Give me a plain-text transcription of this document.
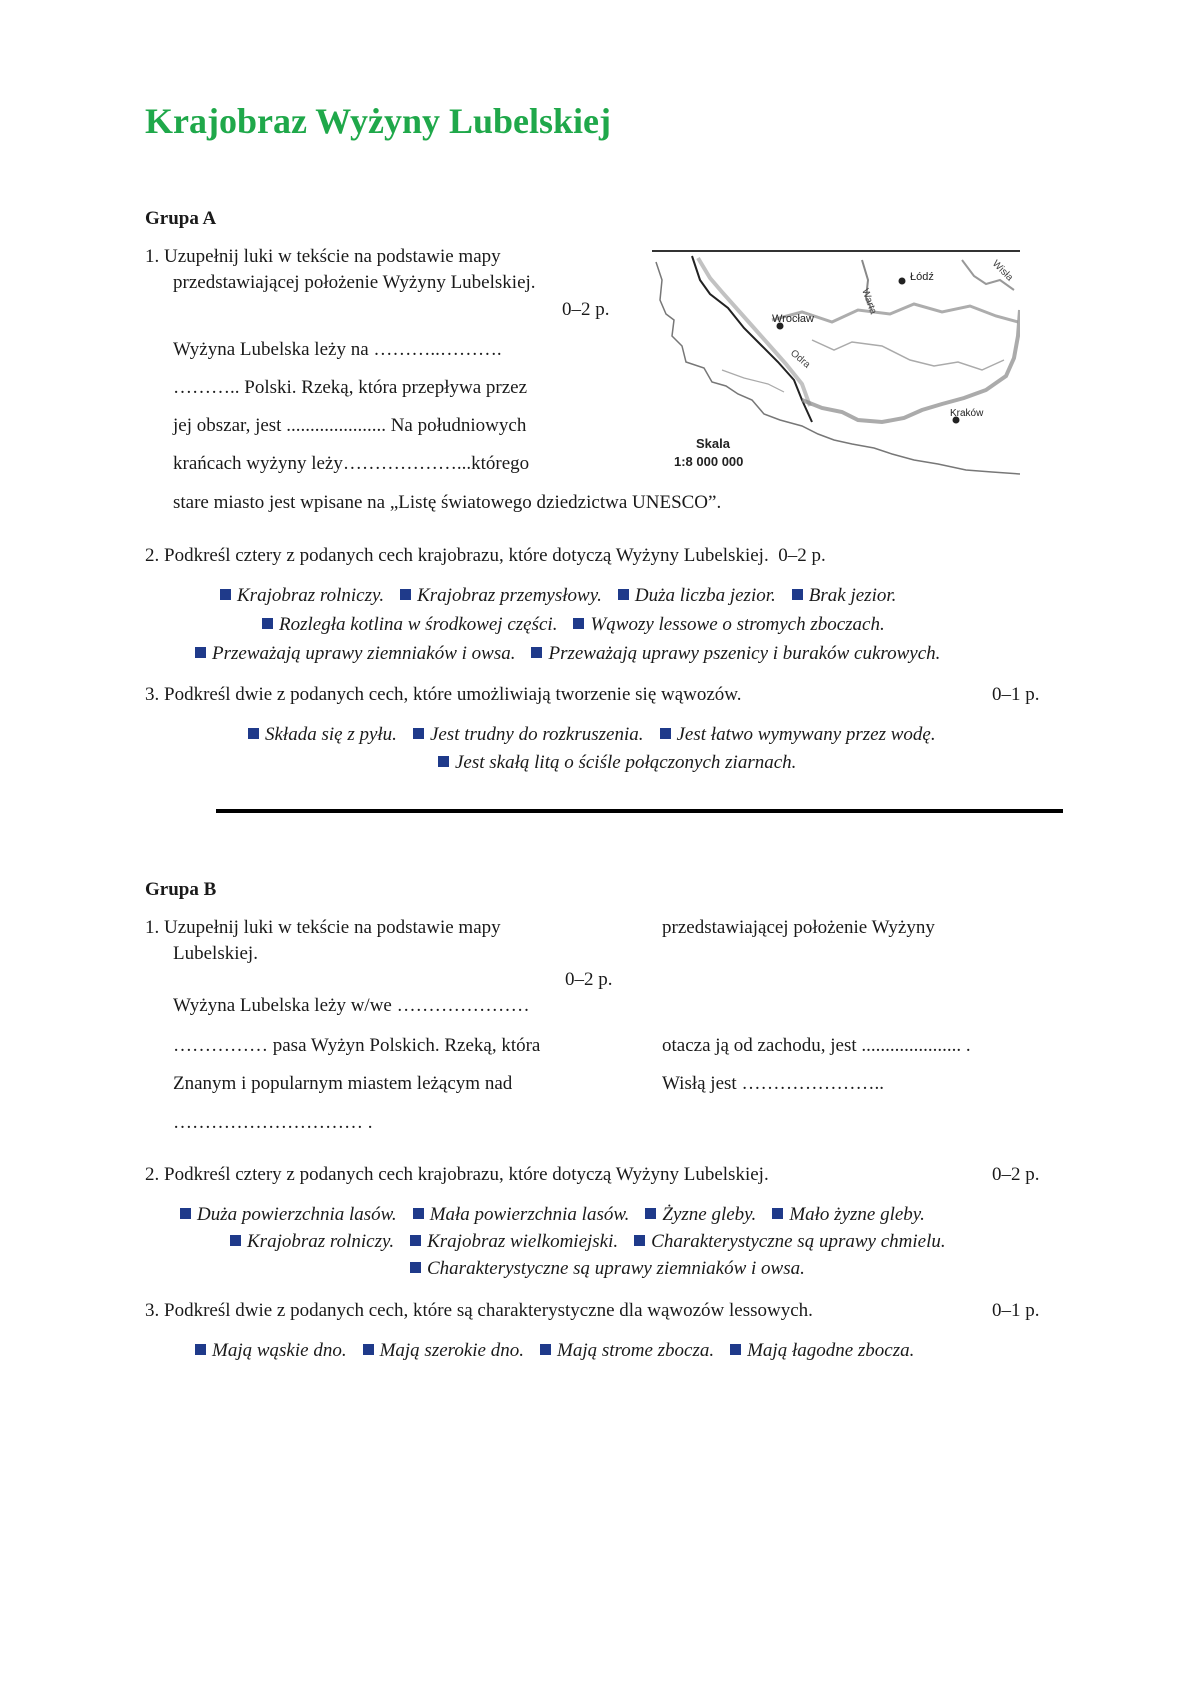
Krajobraz Wyżyny Lubelskiej
Grupa A
1. Uzupełnij luki w tekście na podstawie mapy
przedstawiającej położenie Wyżyny Lubelskiej.
0–2 p.
Wyżyna Lubelska leży na ………..……….
……….. Polski. Rzeką, która przepływa przez
jej obszar, jest ..................... Na południowych
krańcach wyżyny leży………………...którego
stare miasto jest wpisane na „Listę światowego dziedzictwa UNESCO”.
Łódź
Warta
Wisła
Wrocław
Odra
Kraków
Skala
1:8 000 000
2. Podkreśl cztery z podanych cech krajobrazu, które dotyczą Wyżyny Lubelskiej. 0–2 p.
Krajobraz rolniczy. Krajobraz przemysłowy. Duża liczba jezior. Brak jezior.
Rozległa kotlina w środkowej części. Wąwozy lessowe o stromych zboczach.
Przeważają uprawy ziemniaków i owsa. Przeważają uprawy pszenicy i buraków cukrowych.
3. Podkreśl dwie z podanych cech, które umożliwiają tworzenie się wąwozów.	0–1 p.
Składa się z pyłu. Jest trudny do rozkruszenia. Jest łatwo wymywany przez wodę.
Jest skałą litą o ściśle połączonych ziarnach.
Grupa B
1. Uzupełnij luki w tekście na podstawie mapy	przedstawiającej położenie Wyżyny
Lubelskiej.
0–2 p.
Wyżyna Lubelska leży w/we …………………
…………… pasa Wyżyn Polskich. Rzeką, która	otacza ją od zachodu, jest ..................... .
Znanym i popularnym miastem leżącym nad	Wisłą jest …………………..
………………………… .
2. Podkreśl cztery z podanych cech krajobrazu, które dotyczą Wyżyny Lubelskiej.	0–2 p.
Duża powierzchnia lasów. Mała powierzchnia lasów. Żyzne gleby. Mało żyzne gleby.
Krajobraz rolniczy. Krajobraz wielkomiejski. Charakterystyczne są uprawy chmielu.
Charakterystyczne są uprawy ziemniaków i owsa.
3. Podkreśl dwie z podanych cech, które są charakterystyczne dla wąwozów lessowych.	0–1 p.
Mają wąskie dno. Mają szerokie dno. Mają strome zbocza. Mają łagodne zbocza.
